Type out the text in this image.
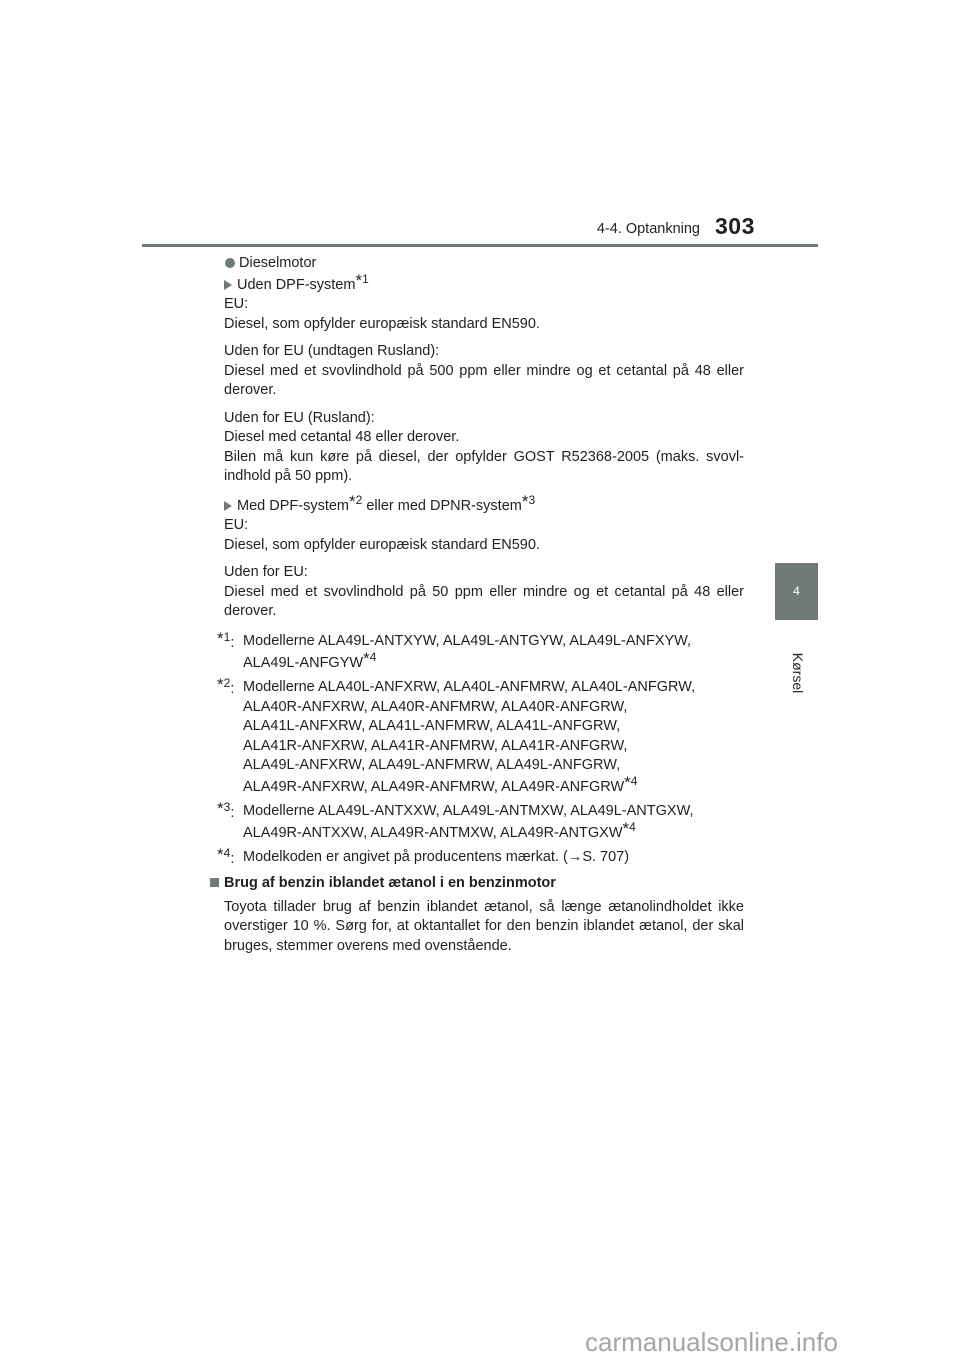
4-4. Optankning 303
4
Kørsel

Dieselmotor

Uden DPF-system*$^1$

EU:

Diesel, som opfylder europæisk standard EN590.

Uden for EU (undtagen Rusland):

Diesel med et svovlindhold på 500 ppm eller mindre og et cetantal på 48 eller derover.

Uden for EU (Rusland):

Diesel med cetantal 48 eller derover.

Bilen må kun køre på diesel, der opfylder GOST R52368-2005 (maks. svovl-indhold på 50 ppm).

Med DPF-system*$^2$ eller med DPNR-system*$^3$

EU:

Diesel, som opfylder europæisk standard EN590.

Uden for EU:

Diesel med et svovlindhold på 50 ppm eller mindre og et cetantal på 48 eller derover.

*$^1$: Modellerne ALA49L-ANTXYW, ALA49L-ANTGYW, ALA49L-ANFXYW,
ALA49L-ANFGYW*$^4$
*$^2$: Modellerne ALA40L-ANFXRW, ALA40L-ANFMRW, ALA40L-ANFGRW,
ALA40R-ANFXRW, ALA40R-ANFMRW, ALA40R-ANFGRW,
ALA41L-ANFXRW, ALA41L-ANFMRW, ALA41L-ANFGRW,
ALA41R-ANFXRW, ALA41R-ANFMRW, ALA41R-ANFGRW,
ALA49L-ANFXRW, ALA49L-ANFMRW, ALA49L-ANFGRW,
ALA49R-ANFXRW, ALA49R-ANFMRW, ALA49R-ANFGRW*$^4$
*$^3$: Modellerne ALA49L-ANTXXW, ALA49L-ANTMXW, ALA49L-ANTGXW,
ALA49R-ANTXXW, ALA49R-ANTMXW, ALA49R-ANTGXW*$^4$
*$^4$: Modelkoden er angivet på producentens mærkat. (→S. 707)

Brug af benzin iblandet ætanol i en benzinmotor

Toyota tillader brug af benzin iblandet ætanol, så længe ætanolindholdet ikke overstiger 10 %. Sørg for, at oktantallet for den benzin iblandet ætanol, der skal bruges, stemmer overens med ovenstående.

carmanualsonline.info
